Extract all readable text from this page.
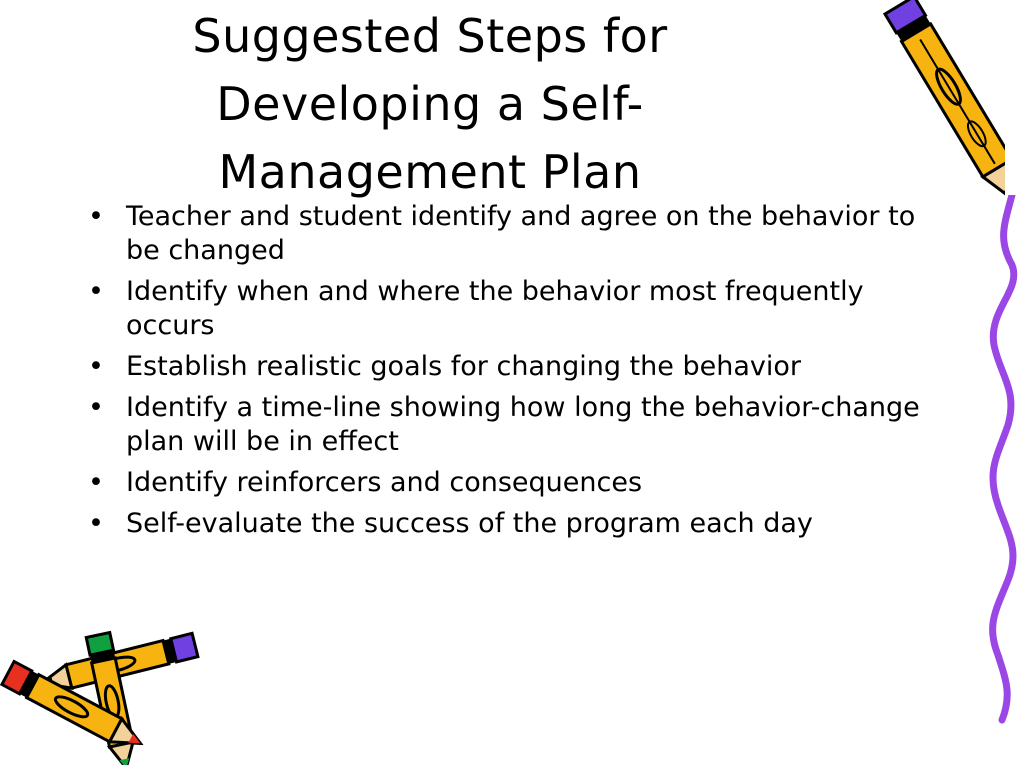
Suggested Steps for Developing a Self-Management Plan
• Teacher and student identify and agree on the behavior to be changed
• Identify when and where the behavior most frequently occurs
• Establish realistic goals for changing the behavior
• Identify a time-line showing how long the behavior-change plan will be in effect
• Identify reinforcers and consequences
• Self-evaluate the success of the program each day
